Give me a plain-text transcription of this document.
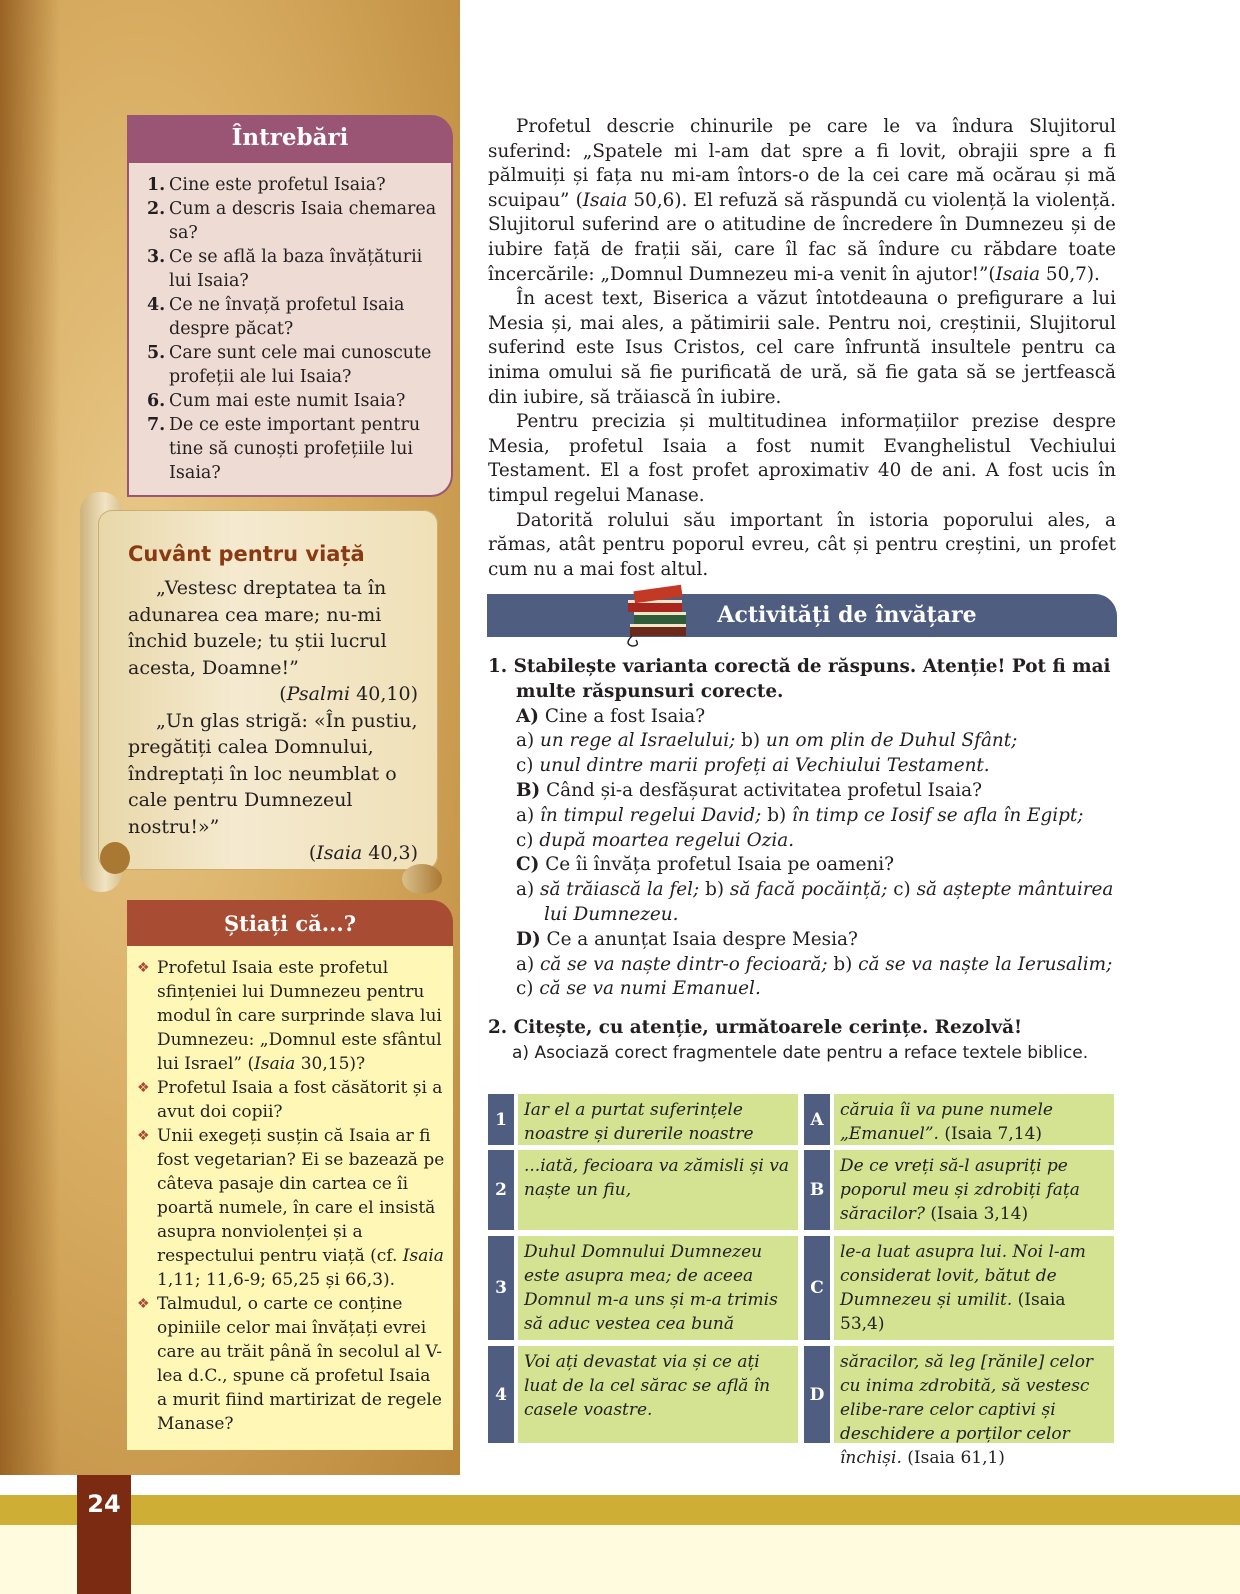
24
Întrebări
1. Cine este profetul Isaia?
2. Cum a descris Isaia chemarea sa?
3. Ce se află la baza învățăturii lui Isaia?
4. Ce ne învață profetul Isaia despre păcat?
5. Care sunt cele mai cunoscute profeții ale lui Isaia?
6. Cum mai este numit Isaia?
7. De ce este important pentru tine să cunoști profețiile lui Isaia?
Cuvânt pentru viață

„Vestesc dreptatea ta în adunarea cea mare; nu-mi închid buzele; tu știi lucrul acesta, Doamne!”

(Psalmi 40,10)

„Un glas strigă: «În pustiu, pregătiți calea Domnului, îndreptați în loc neumblat o cale pentru Dumnezeul nostru!»”

(Isaia 40,3)

Știați că...?
❖ Profetul Isaia este profetul sfințeniei lui Dumnezeu pentru modul în care surprinde slava lui Dumnezeu: „Domnul este sfântul lui Israel” (Isaia 30,15)?
❖ Profetul Isaia a fost căsătorit și a avut doi copii?
❖ Unii exegeți susțin că Isaia ar fi fost vegetarian? Ei se bazează pe câteva pasaje din cartea ce îi poartă numele, în care el insistă asupra nonviolenței și a respectului pentru viață (cf. Isaia 1,11; 11,6-9; 65,25 și 66,3).
❖ Talmudul, o carte ce conține opiniile celor mai învățați evrei care au trăit până în secolul al V-lea d.C., spune că profetul Isaia a murit fiind martirizat de regele Manase?

Profetul descrie chinurile pe care le va îndura Slujitorul suferind: „Spatele mi l-am dat spre a fi lovit, obrajii spre a fi pălmuiți și fața nu mi-am întors-o de la cei care mă ocărau și mă scuipau” (Isaia 50,6). El refuză să răspundă cu violență la violență. Slujitorul suferind are o atitudine de încredere în Dumnezeu și de iubire față de frații săi, care îl fac să îndure cu răbdare toate încercările: „Domnul Dumnezeu mi-a venit în ajutor!”(Isaia 50,7).

În acest text, Biserica a văzut întotdeauna o prefigurare a lui Mesia și, mai ales, a pătimirii sale. Pentru noi, creștinii, Slujitorul suferind este Isus Cristos, cel care înfruntă insultele pentru ca inima omului să fie purificată de ură, să fie gata să se jertfească din iubire, să trăiască în iubire.

Pentru precizia și multitudinea informațiilor prezise despre Mesia, profetul Isaia a fost numit Evanghelistul Vechiului Testament. El a fost profet aproximativ 40 de ani. A fost ucis în timpul regelui Manase.

Datorită rolului său important în istoria poporului ales, a rămas, atât pentru poporul evreu, cât și pentru creștini, un profet cum nu a mai fost altul.

Activități de învățare

1. Stabilește varianta corectă de răspuns. Atenție! Pot fi mai multe răspunsuri corecte.

A) Cine a fost Isaia?

a) un rege al Israelului; b) un om plin de Duhul Sfânt;

c) unul dintre marii profeți ai Vechiului Testament.

B) Când și-a desfășurat activitatea profetul Isaia?

a) în timpul regelui David; b) în timp ce Iosif se afla în Egipt;

c) după moartea regelui Ozia.

C) Ce îi învăța profetul Isaia pe oameni?

a) să trăiască la fel; b) să facă pocăință; c) să aștepte mântuirea lui Dumnezeu.

D) Ce a anunțat Isaia despre Mesia?

a) că se va naște dintr-o fecioară; b) că se va naște la Ierusalim;

c) că se va numi Emanuel.

2. Citește, cu atenție, următoarele cerințe. Rezolvă!

a) Asociază corect fragmentele date pentru a reface textele biblice.

1	Iar el a purtat suferințele noastre și durerile noastre
A căruia îi va pune numele „Emanuel”. (Isaia 7,14)
2
...iată, fecioara va zămisli și va naște un fiu,	B
De ce vreți să-l asupriți pe poporul meu și zdrobiți fața săracilor? (Isaia 3,14)
3
Duhul Domnului Dumnezeu este asupra mea; de aceea Domnul m-a uns și m-a trimis să aduc vestea cea bună
C
le-a luat asupra lui. Noi l-am considerat lovit, bătut de Dumnezeu și umilit. (Isaia 53,4)
4
Voi ați devastat via și ce ați luat de la cel sărac se află în casele voastre.
D
săracilor, să leg [rănile] celor cu inima zdrobită, să vestesc elibe-rare celor captivi și deschidere a porților celor închiși. (Isaia 61,1)
